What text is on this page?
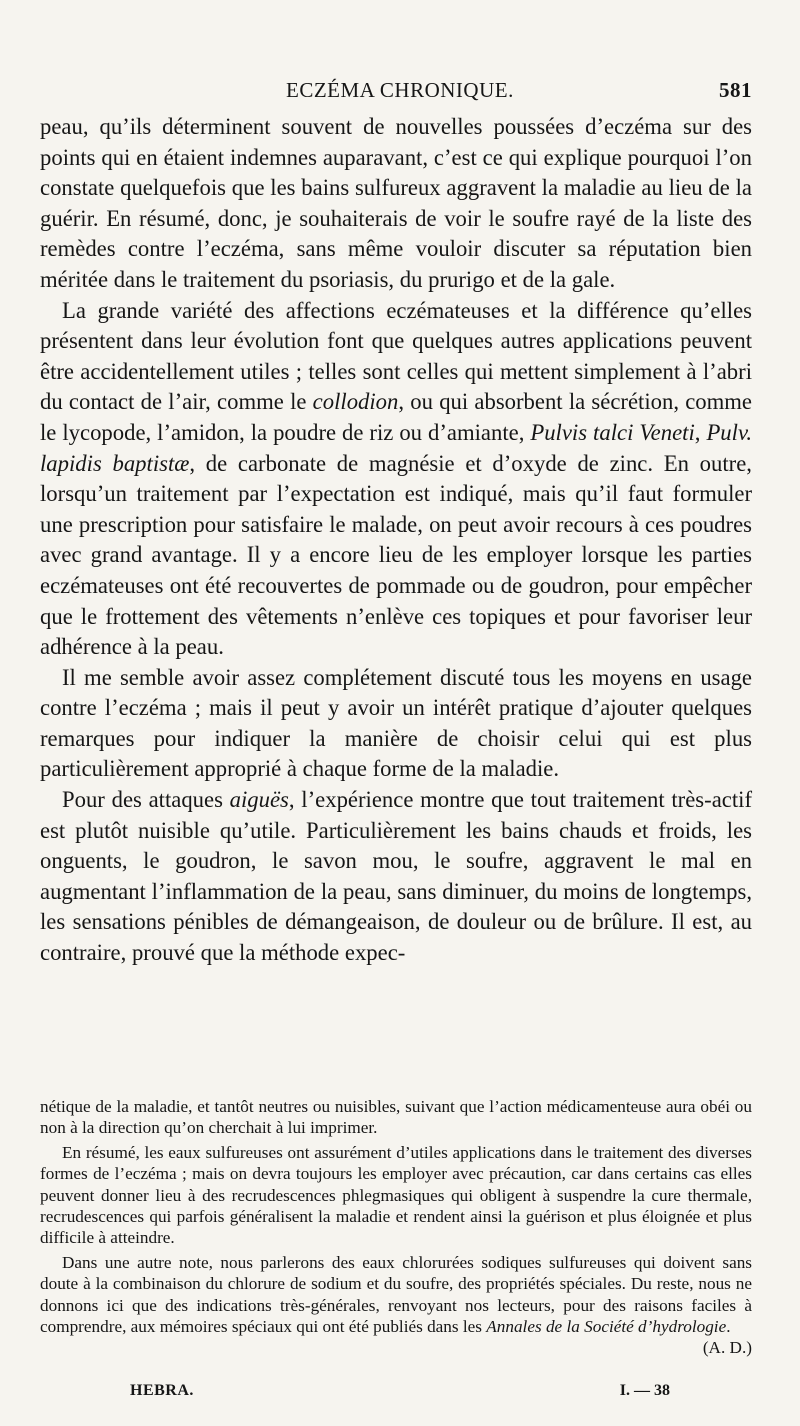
ECZÉMA CHRONIQUE.	581

peau, qu’ils déterminent souvent de nouvelles poussées d’eczéma sur des points qui en étaient indemnes auparavant, c’est ce qui explique pourquoi l’on constate quelquefois que les bains sulfureux aggravent la maladie au lieu de la guérir. En résumé, donc, je souhaiterais de voir le soufre rayé de la liste des remèdes contre l’eczéma, sans même vouloir discuter sa réputation bien méritée dans le traitement du psoriasis, du prurigo et de la gale.

La grande variété des affections eczémateuses et la différence qu’elles présentent dans leur évolution font que quelques autres applications peuvent être accidentellement utiles ; telles sont celles qui mettent simplement à l’abri du contact de l’air, comme le collodion, ou qui absorbent la sécrétion, comme le lycopode, l’amidon, la poudre de riz ou d’amiante, Pulvis talci Veneti, Pulv. lapidis baptistæ, de carbonate de magnésie et d’oxyde de zinc. En outre, lorsqu’un traitement par l’expectation est indiqué, mais qu’il faut formuler une prescription pour satisfaire le malade, on peut avoir recours à ces poudres avec grand avantage. Il y a encore lieu de les employer lorsque les parties eczémateuses ont été recouvertes de pommade ou de goudron, pour empêcher que le frottement des vêtements n’enlève ces topiques et pour favoriser leur adhérence à la peau.

Il me semble avoir assez complétement discuté tous les moyens en usage contre l’eczéma ; mais il peut y avoir un intérêt pratique d’ajouter quelques remarques pour indiquer la manière de choisir celui qui est plus particulièrement approprié à chaque forme de la maladie.

Pour des attaques aiguës, l’expérience montre que tout traitement très-actif est plutôt nuisible qu’utile. Particulièrement les bains chauds et froids, les onguents, le goudron, le savon mou, le soufre, aggravent le mal en augmentant l’inflammation de la peau, sans diminuer, du moins de longtemps, les sensations pénibles de démangeaison, de douleur ou de brûlure. Il est, au contraire, prouvé que la méthode expec-

nétique de la maladie, et tantôt neutres ou nuisibles, suivant que l’action médicamenteuse aura obéi ou non à la direction qu’on cherchait à lui imprimer.

En résumé, les eaux sulfureuses ont assurément d’utiles applications dans le traitement des diverses formes de l’eczéma ; mais on devra toujours les employer avec précaution, car dans certains cas elles peuvent donner lieu à des recrudescences phlegmasiques qui obligent à suspendre la cure thermale, recrudescences qui parfois généralisent la maladie et rendent ainsi la guérison et plus éloignée et plus difficile à atteindre.

Dans une autre note, nous parlerons des eaux chlorurées sodiques sulfureuses qui doivent sans doute à la combinaison du chlorure de sodium et du soufre, des propriétés spéciales. Du reste, nous ne donnons ici que des indications très-générales, renvoyant nos lecteurs, pour des raisons faciles à comprendre, aux mémoires spéciaux qui ont été publiés dans les Annales de la Société d’hydrologie.
(A. D.)

HEBRA.	I. — 38
